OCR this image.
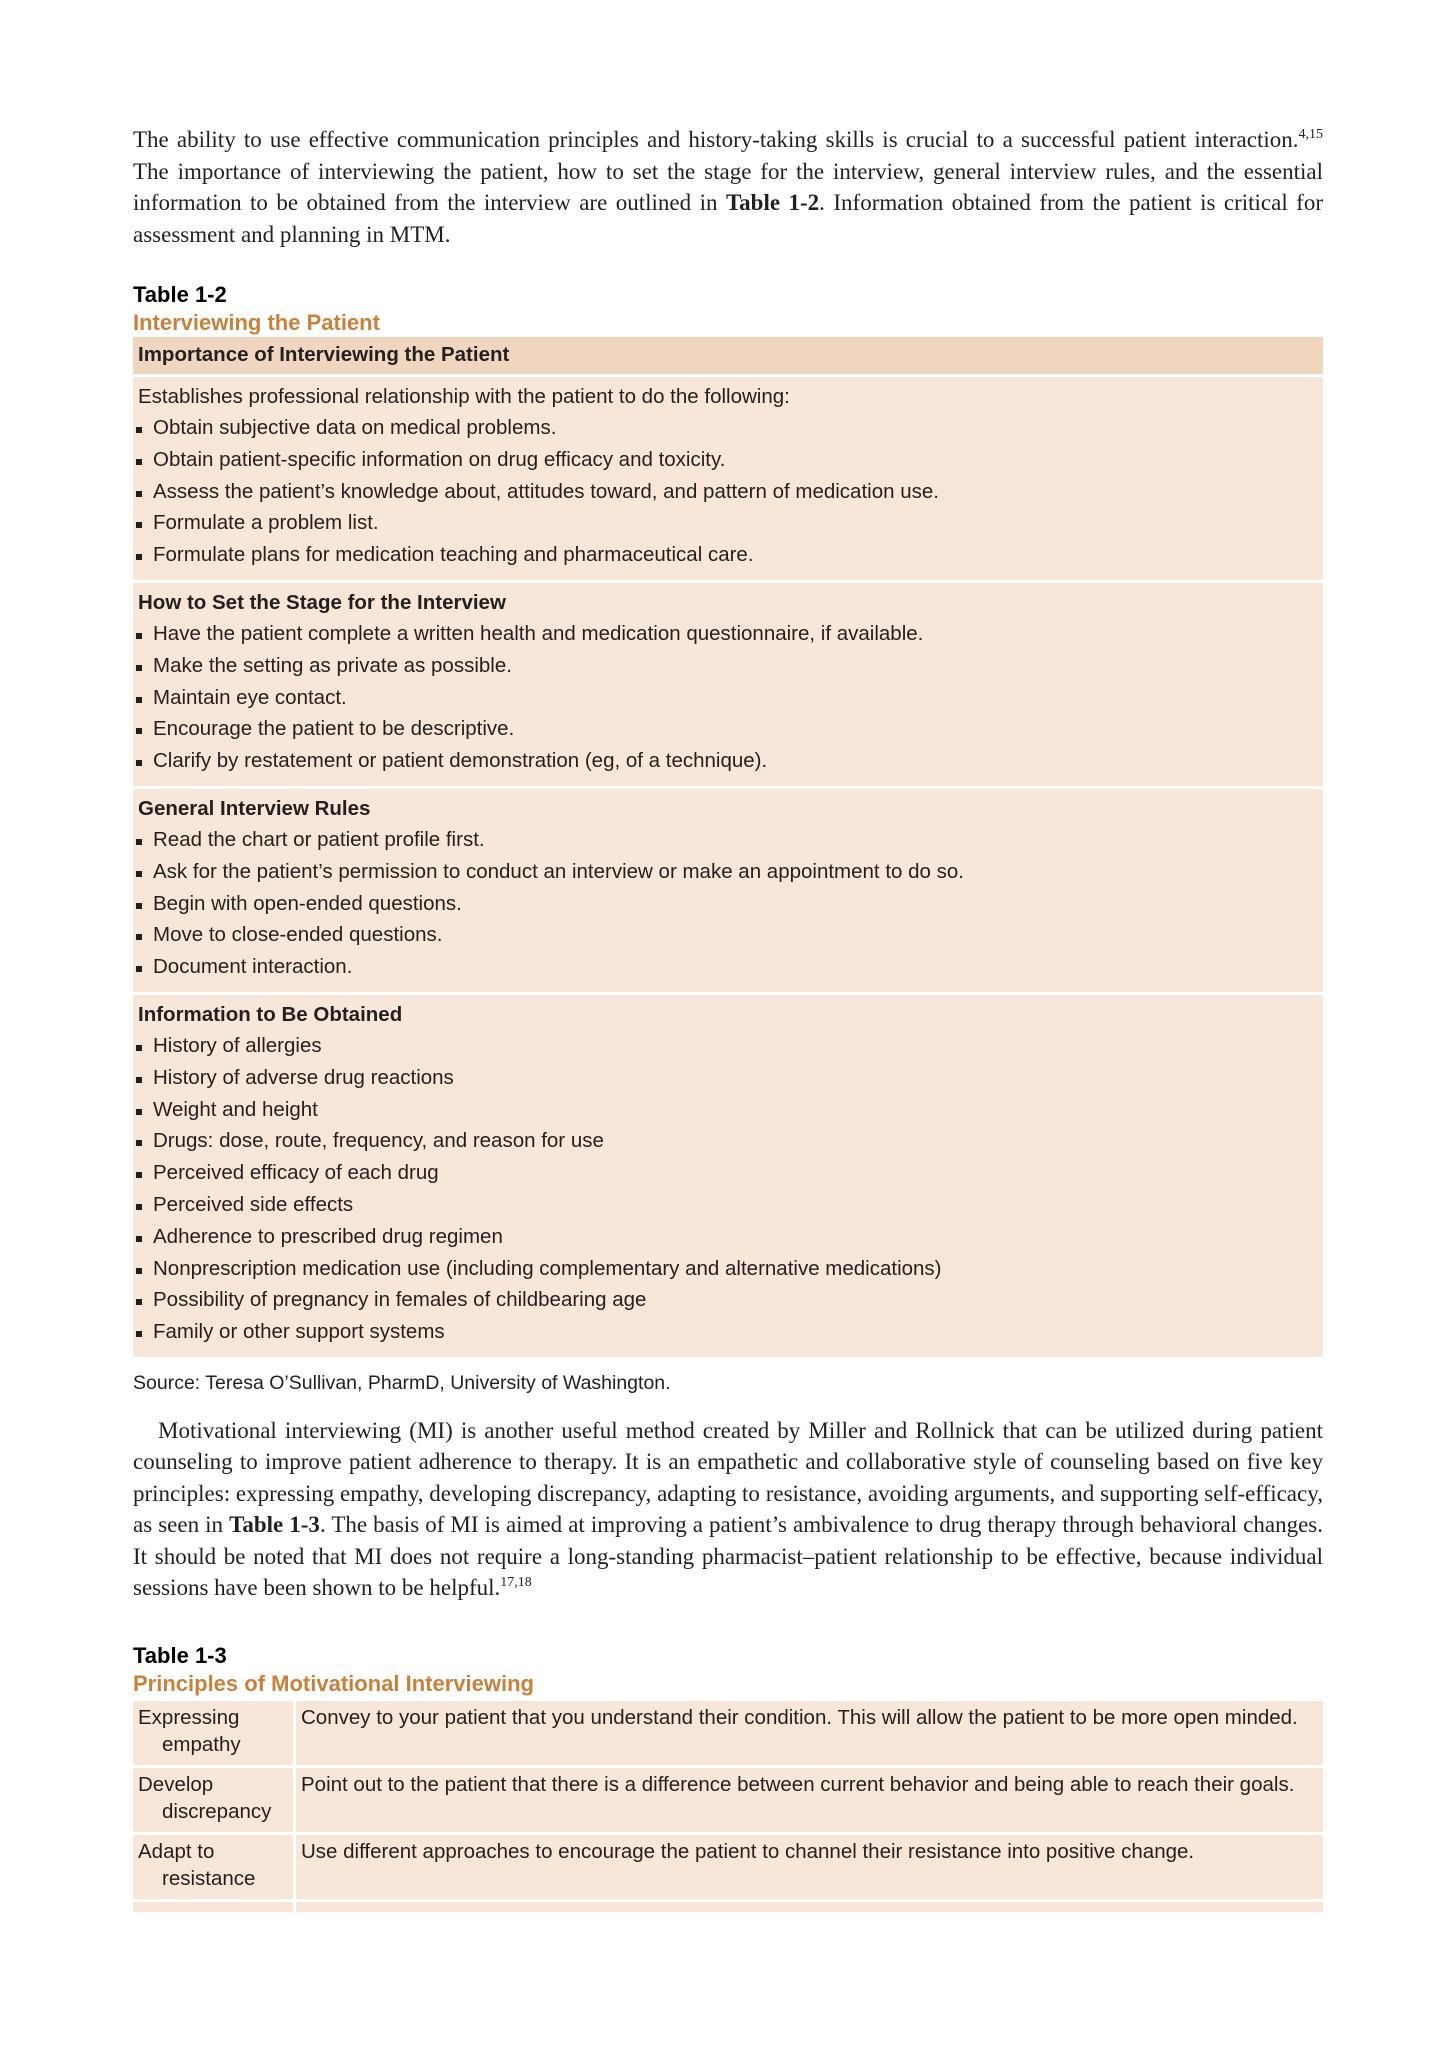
The ability to use effective communication principles and history-taking skills is crucial to a successful patient interaction.$^{4,15}$ The importance of interviewing the patient, how to set the stage for the interview, general interview rules, and the essential information to be obtained from the interview are outlined in Table 1-2. Information obtained from the patient is critical for assessment and planning in MTM.

Table 1-2
Interviewing the Patient
Importance of Interviewing the Patient

Establishes professional relationship with the patient to do the following:
Obtain subjective data on medical problems.
Obtain patient-specific information on drug efficacy and toxicity.
Assess the patient’s knowledge about, attitudes toward, and pattern of medication use.
Formulate a problem list.
Formulate plans for medication teaching and pharmaceutical care.

How to Set the Stage for the Interview
Have the patient complete a written health and medication questionnaire, if available.
Make the setting as private as possible.
Maintain eye contact.
Encourage the patient to be descriptive.
Clarify by restatement or patient demonstration (eg, of a technique).

General Interview Rules
Read the chart or patient profile first.
Ask for the patient’s permission to conduct an interview or make an appointment to do so.
Begin with open-ended questions.
Move to close-ended questions.
Document interaction.

Information to Be Obtained
History of allergies
History of adverse drug reactions
Weight and height
Drugs: dose, route, frequency, and reason for use
Perceived efficacy of each drug
Perceived side effects
Adherence to prescribed drug regimen
Nonprescription medication use (including complementary and alternative medications)
Possibility of pregnancy in females of childbearing age
Family or other support systems
Source: Teresa O’Sullivan, PharmD, University of Washington.

Motivational interviewing (MI) is another useful method created by Miller and Rollnick that can be utilized during patient counseling to improve patient adherence to therapy. It is an empathetic and collaborative style of counseling based on five key principles: expressing empathy, developing discrepancy, adapting to resistance, avoiding arguments, and supporting self-efficacy, as seen in Table 1-3. The basis of MI is aimed at improving a patient’s ambivalence to drug therapy through behavioral changes. It should be noted that MI does not require a long-standing pharmacist–patient relationship to be effective, because individual sessions have been shown to be helpful.$^{17,18}$

Table 1-3
Principles of Motivational Interviewing
Expressing empathy	Convey to your patient that you understand their condition. This will allow the patient to be more open minded.

Develop discrepancy	Point out to the patient that there is a difference between current behavior and being able to reach their goals.

Adapt to resistance	Use different approaches to encourage the patient to channel their resistance into positive change.
